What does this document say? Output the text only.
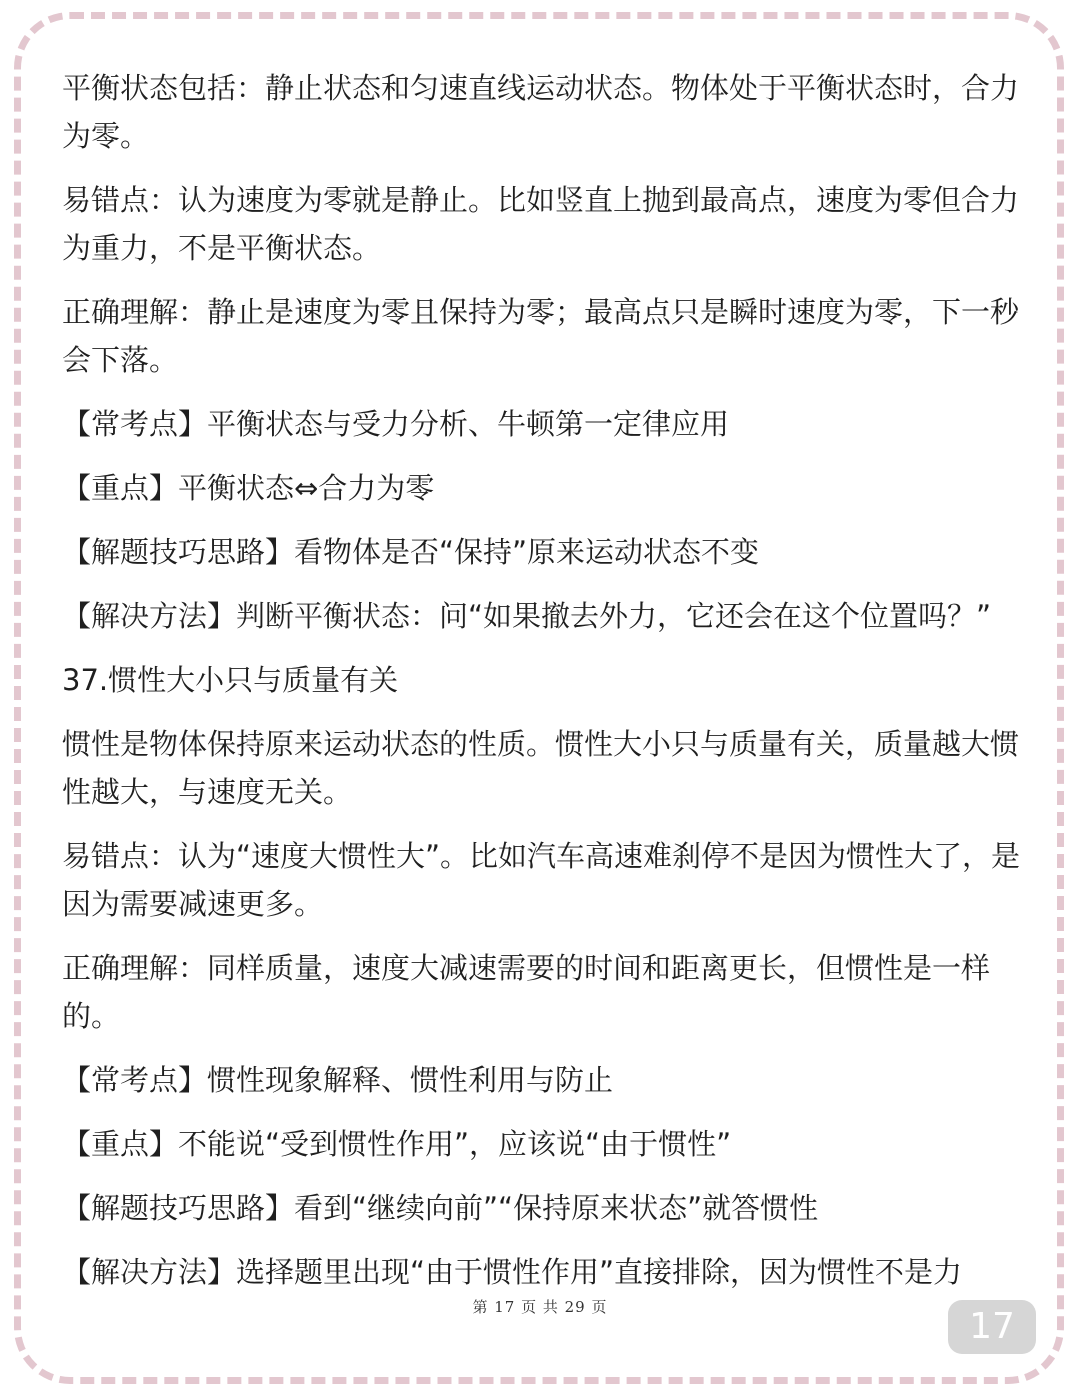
平衡状态包括：静止状态和匀速直线运动状态。物体处于平衡状态时，合力为零。

易错点：认为速度为零就是静止。比如竖直上抛到最高点，速度为零但合力为重力，不是平衡状态。

正确理解：静止是速度为零且保持为零；最高点只是瞬时速度为零，下一秒会下落。

【常考点】平衡状态与受力分析、牛顿第一定律应用

【重点】平衡状态⇔合力为零

【解题技巧思路】看物体是否“保持”原来运动状态不变

【解决方法】判断平衡状态：问“如果撤去外力，它还会在这个位置吗？”

37.惯性大小只与质量有关

惯性是物体保持原来运动状态的性质。惯性大小只与质量有关，质量越大惯性越大，与速度无关。

易错点：认为“速度大惯性大”。比如汽车高速难刹停不是因为惯性大了，是因为需要减速更多。

正确理解：同样质量，速度大减速需要的时间和距离更长，但惯性是一样的。

【常考点】惯性现象解释、惯性利用与防止

【重点】不能说“受到惯性作用”，应该说“由于惯性”

【解题技巧思路】看到“继续向前”“保持原来状态”就答惯性

【解决方法】选择题里出现“由于惯性作用”直接排除，因为惯性不是力

第 17 页 共 29 页	17
